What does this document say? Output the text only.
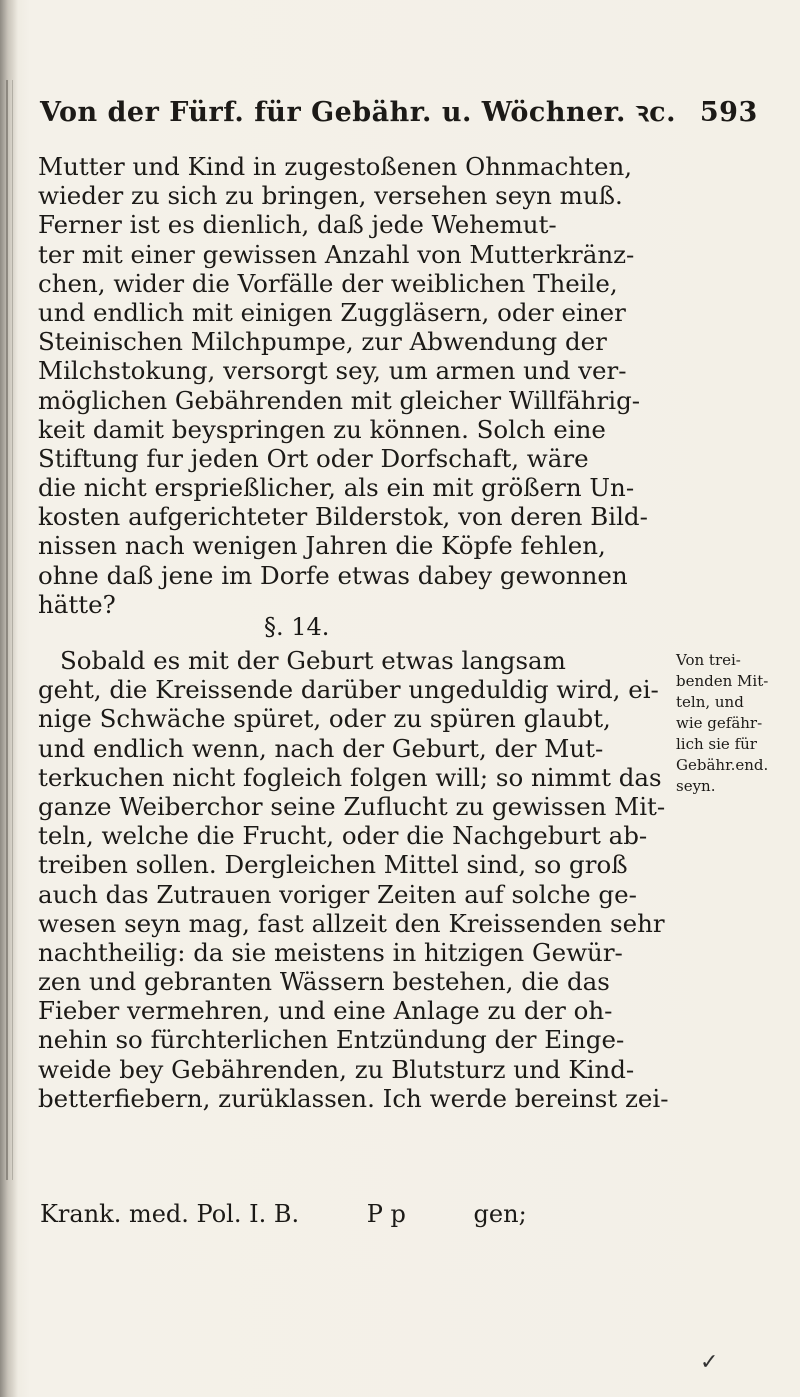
Von der Fürf. für Gebähr. u. Wöchner. ꝛc. 593
Mutter und Kind in zugestoßenen Ohnmachten,
wieder zu sich zu bringen, versehen seyn muß.
Ferner ist es dienlich, daß jede Wehemut-
ter mit einer gewissen Anzahl von Mutterkränz-
chen, wider die Vorfälle der weiblichen Theile,
und endlich mit einigen Zuggläsern, oder einer
Steinischen Milchpumpe, zur Abwendung der
Milchstokung, versorgt sey, um armen und ver-
möglichen Gebährenden mit gleicher Willfährig-
keit damit beyspringen zu können. Solch eine
Stiftung fur jeden Ort oder Dorfschaft, wäre
die nicht ersprießlicher, als ein mit größern Un-
kosten aufgerichteter Bilderstok, von deren Bild-
nissen nach wenigen Jahren die Köpfe fehlen,
ohne daß jene im Dorfe etwas dabey gewonnen
hätte?
§. 14.
Sobald es mit der Geburt etwas langsam
geht, die Kreissende darüber ungeduldig wird, ei-
nige Schwäche spüret, oder zu spüren glaubt,
und endlich wenn, nach der Geburt, der Mut-
terkuchen nicht fogleich folgen will; so nimmt das
ganze Weiberchor seine Zuflucht zu gewissen Mit-
teln, welche die Frucht, oder die Nachgeburt ab-
treiben sollen. Dergleichen Mittel sind, so groß
auch das Zutrauen voriger Zeiten auf solche ge-
wesen seyn mag, fast allzeit den Kreissenden sehr
nachtheilig: da sie meistens in hitzigen Gewür-
zen und gebranten Wässern bestehen, die das
Fieber vermehren, und eine Anlage zu der oh-
nehin so fürchterlichen Entzündung der Einge-
weide bey Gebährenden, zu Blutsturz und Kind-
betterfiebern, zurüklassen. Ich werde bereinst zei-
Von trei-
benden Mit-
teln, und
wie gefähr-
lich sie für
Gebähr.end.
seyn.
Krank. med. Pol. I. B.	P p	gen;
✓
